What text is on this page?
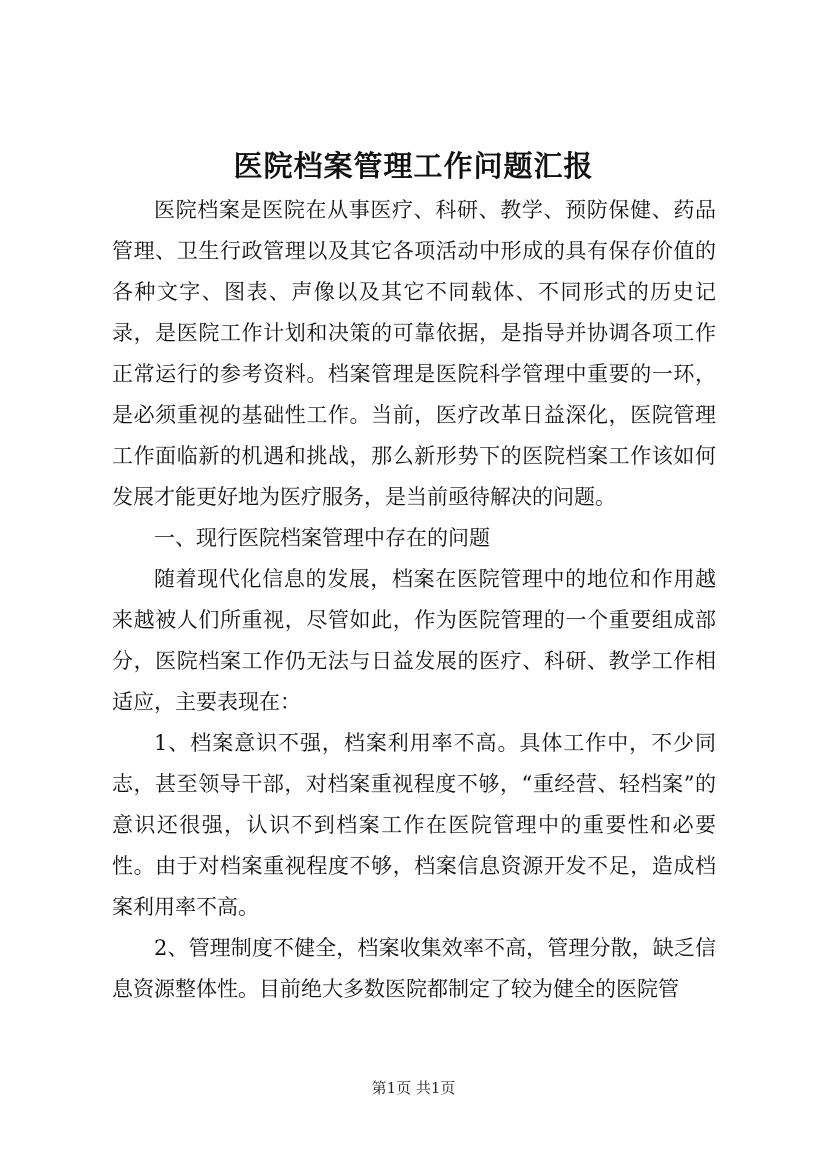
医院档案管理工作问题汇报

医院档案是医院在从事医疗、科研、教学、预防保健、药品管理、卫生行政管理以及其它各项活动中形成的具有保存价值的各种文字、图表、声像以及其它不同载体、不同形式的历史记录，是医院工作计划和决策的可靠依据，是指导并协调各项工作正常运行的参考资料。档案管理是医院科学管理中重要的一环，是必须重视的基础性工作。当前，医疗改革日益深化，医院管理工作面临新的机遇和挑战，那么新形势下的医院档案工作该如何发展才能更好地为医疗服务，是当前亟待解决的问题。

一、现行医院档案管理中存在的问题

随着现代化信息的发展，档案在医院管理中的地位和作用越来越被人们所重视，尽管如此，作为医院管理的一个重要组成部分，医院档案工作仍无法与日益发展的医疗、科研、教学工作相适应，主要表现在：

1、档案意识不强，档案利用率不高。具体工作中，不少同志，甚至领导干部，对档案重视程度不够，“重经营、轻档案”的意识还很强，认识不到档案工作在医院管理中的重要性和必要性。由于对档案重视程度不够，档案信息资源开发不足，造成档案利用率不高。

2、管理制度不健全，档案收集效率不高，管理分散，缺乏信息资源整体性。目前绝大多数医院都制定了较为健全的医院管

第1页 共1页
